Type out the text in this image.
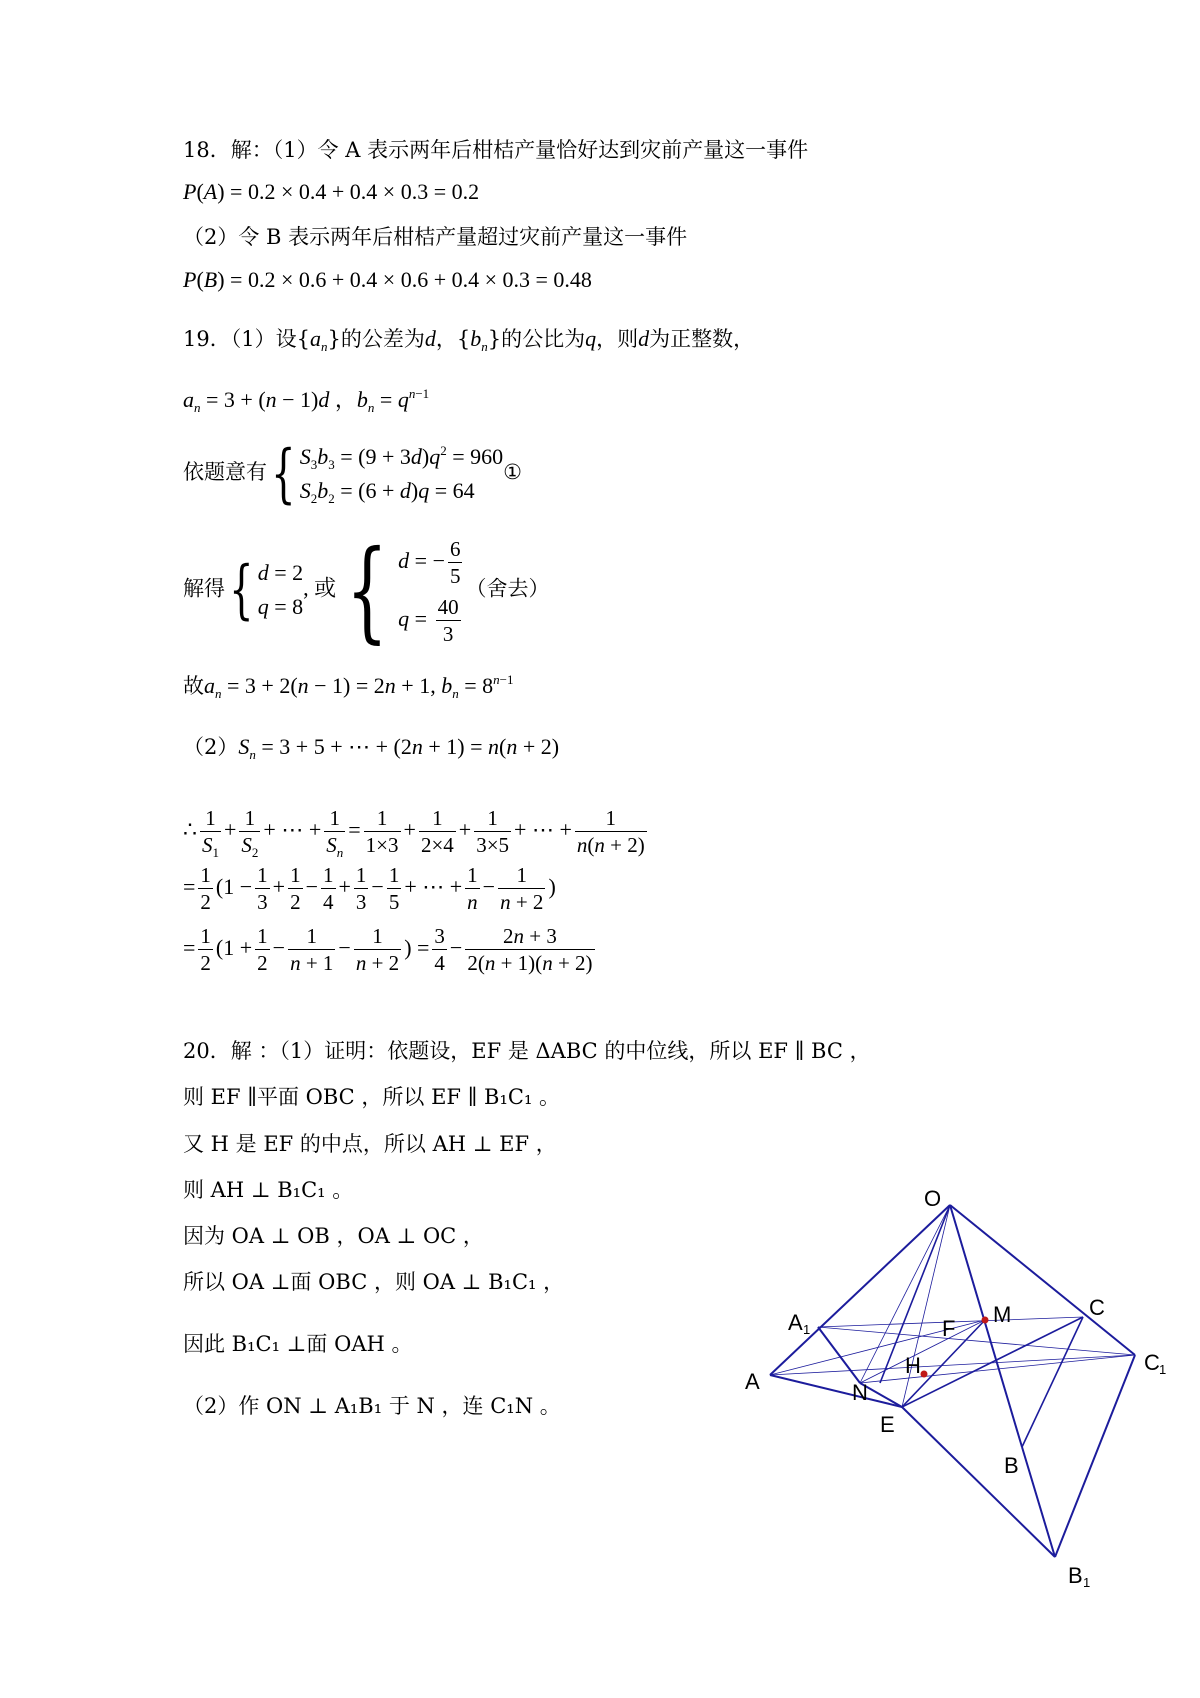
18．解：（1）令 A 表示两年后柑桔产量恰好达到灾前产量这一事件
P(A) = 0.2 × 0.4 + 0.4 × 0.3 = 0.2
（2）令 B 表示两年后柑桔产量超过灾前产量这一事件
P(B) = 0.2 × 0.6 + 0.4 × 0.6 + 0.4 × 0.3 = 0.48
19．（1）设$\{a_n\}$的公差为d，$\{b_n\}$的公比为q，则d为正整数，
$a_n = 3 + (n - 1)d$ ，$b_n = q^{n-1}$
依题意有{ $S_3b_3 = (9 + 3d)q^2 = 960$
$S_2b_2 = (6 + d)q = 64$
①
解得{ d = 2
q = 8
, 或{ d = − $\frac{6}{5}$
$q = \frac{40}{3}$
（舍去）
故$a_n = 3 + 2(n - 1) = 2n + 1$, $b_n = 8^{n-1}$
$(2)S_n = 3 + 5$ + ⋯ + (2n + 1) = n(n + 2)
∴ $\frac{1}{S_1} + \frac{1}{S_2}$ + ⋯ + $\frac{1}{S_n} = \frac{1}{1\times 3} + \frac{1}{2\times 4} + \frac{1}{3\times 5}$ + ⋯ + $\frac{1}{n(n + 2)}$
= $\frac{1}{2} (1 - \frac{1}{3} + \frac{1}{2} - \frac{1}{4} + \frac{1}{3} - \frac{1}{5}$ + ⋯ + $\frac{1}{n} - \frac{1}{n + 2}$ )
= $\frac{1}{2} (1 + \frac{1}{2} - \frac{1}{n + 1} - \frac{1}{n + 2}$ ) = $\frac{3}{4} - \frac{2n + 3}{2(n + 1)(n + 2)}$
20．解 ：（1）证明：依题设，EF 是 ΔABC 的中位线，所以 EF ∥ BC ，
则 EF ∥平面 OBC ，所以 EF ∥ B₁C₁ 。
又 H 是 EF 的中点，所以 AH ⊥ EF ，
则 AH ⊥ B₁C₁ 。
因为 OA ⊥ OB ，OA ⊥ OC ，
所以 OA ⊥面 OBC ，则 OA ⊥ B₁C₁ ，
因此 B₁C₁ ⊥面 OAH 。
（2）作 ON ⊥ A₁B₁ 于 N ，连 C₁N 。
O
A 1
A	N
H
F
M	C
C 1
E
B
B 1
